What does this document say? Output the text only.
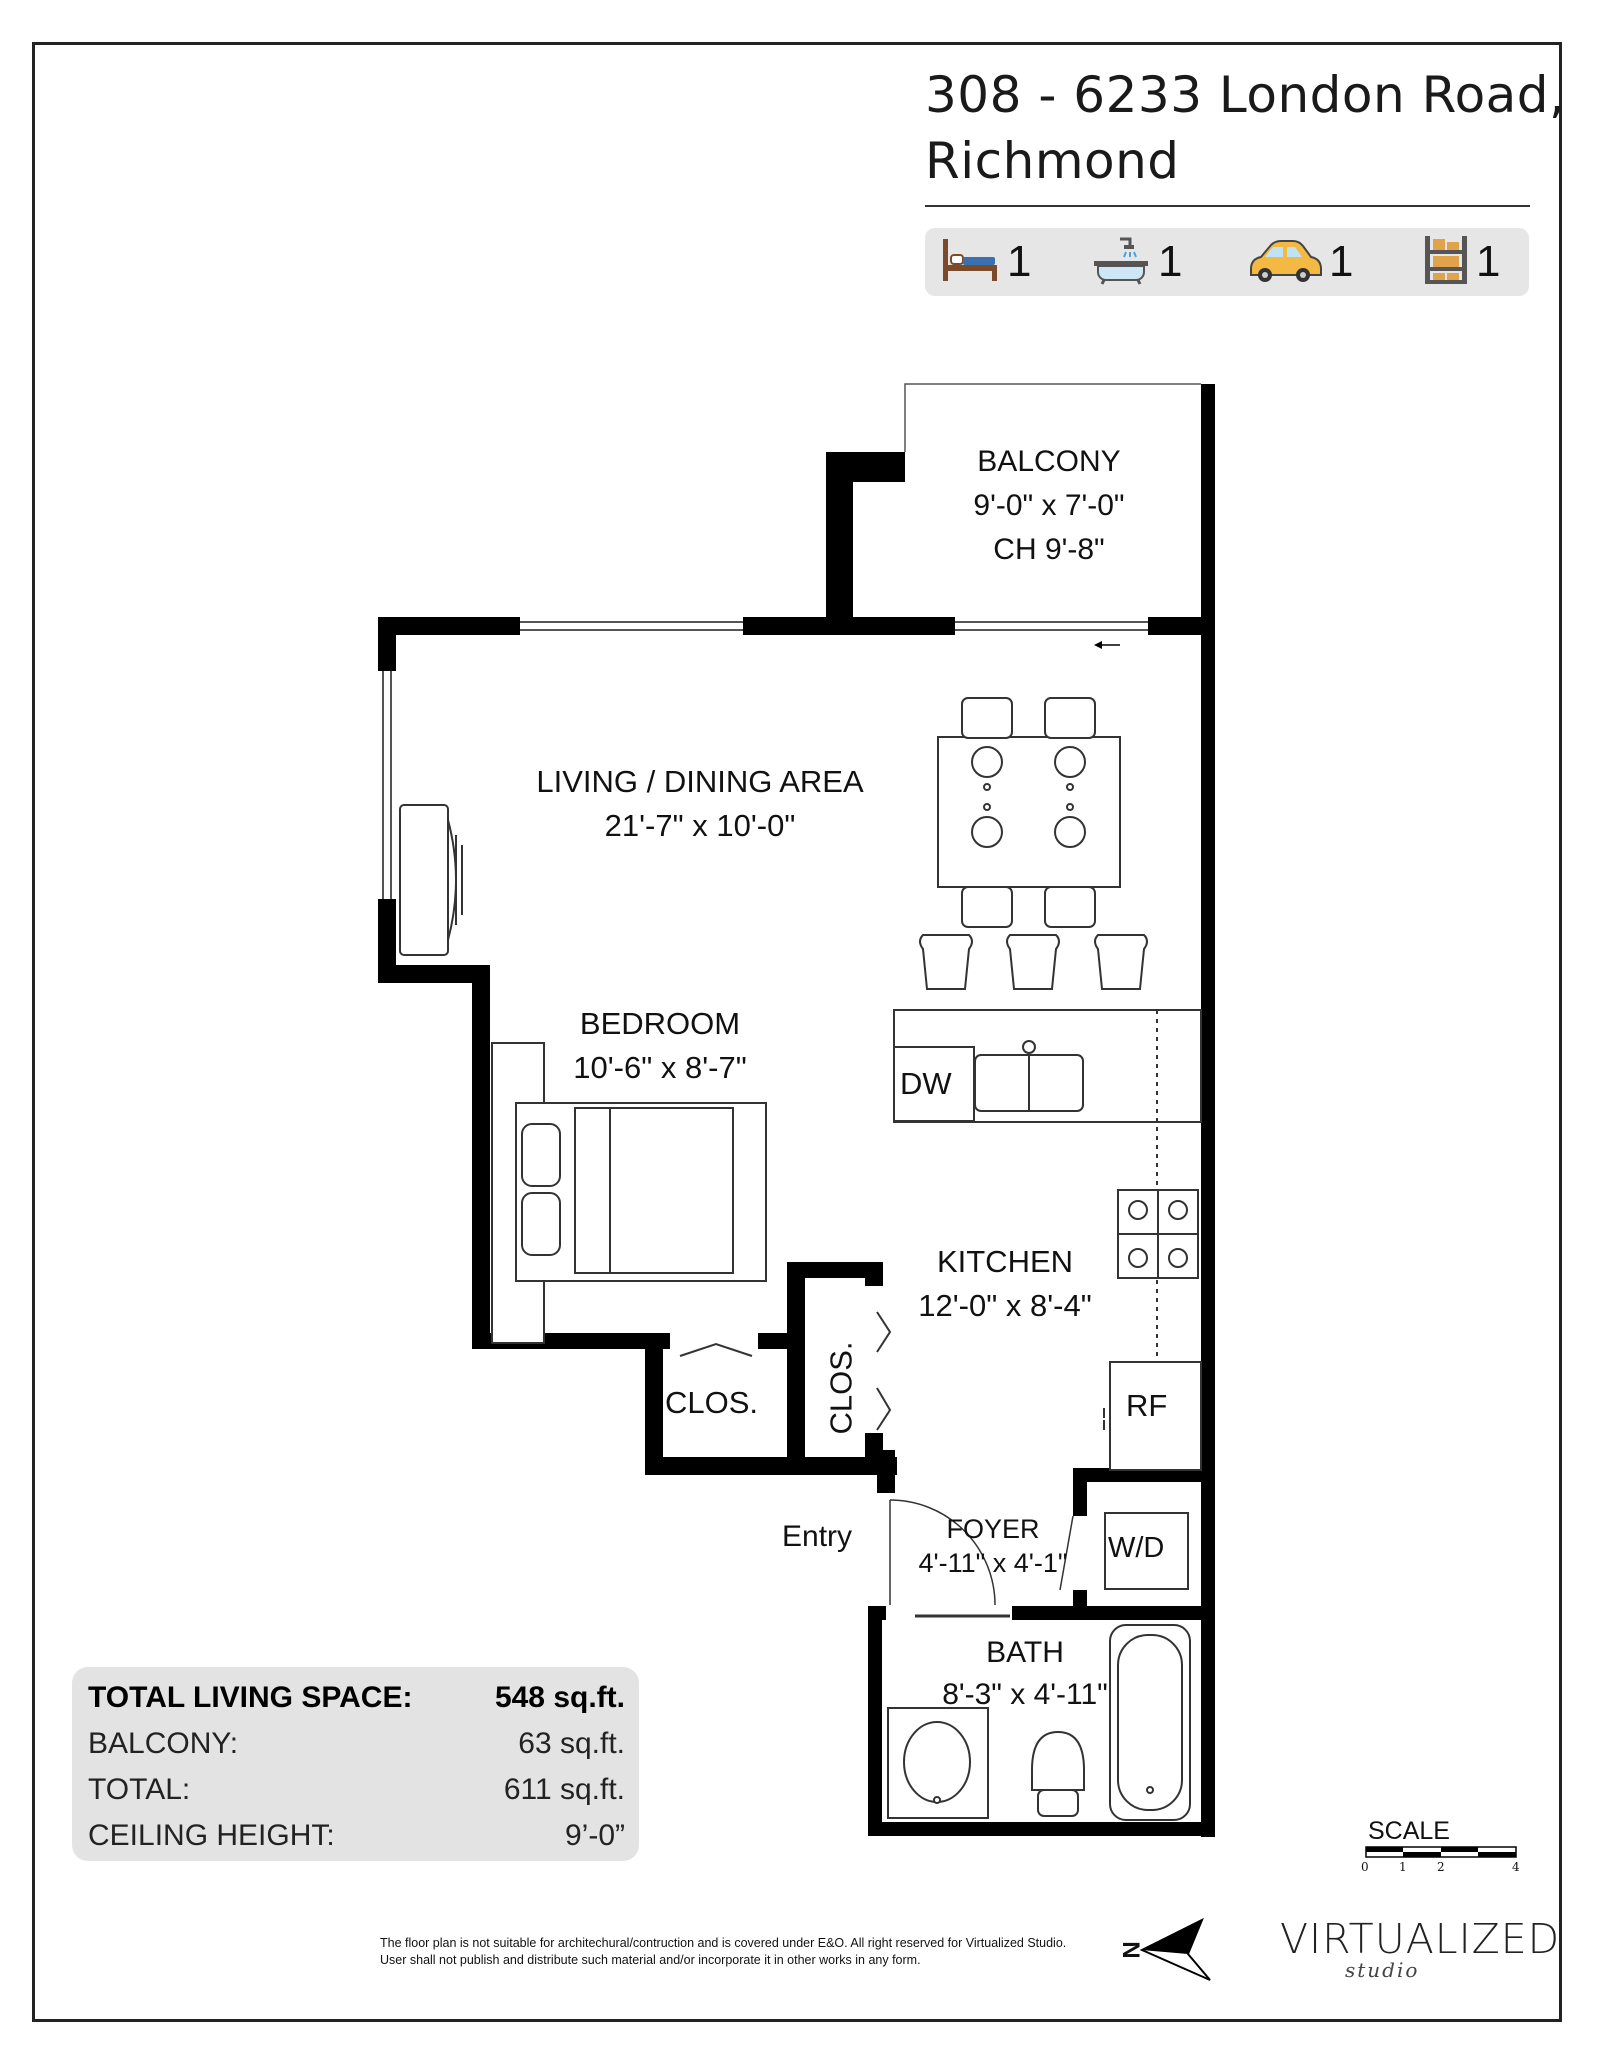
308 - 6233 London Road,
Richmond
1	1	1	1
BALCONY
9'-0" x 7'-0"
CH 9'-8"
LIVING / DINING AREA
21'-7" x 10'-0"
BEDROOM
10'-6" x 8'-7"
KITCHEN
12'-0" x 8'-4"
FOYER
4'-11" x 4'-1"
BATH
8'-3" x 4'-11"
CLOS. CLOS.
Entry
DW
RF
W/D
TOTAL LIVING SPACE:	548 sq.ft.
BALCONY:	63 sq.ft.
TOTAL:	611 sq.ft.
CEILING HEIGHT:	9’-0”	SCALE
0	1	2	4
N
The floor plan is not suitable for architechural/contruction and is covered under E&O. All right reserved for Virtualized Studio. User shall not publish and distribute such material and/or incorporate it in other works in any form.	VIRTUALIZED
studio
